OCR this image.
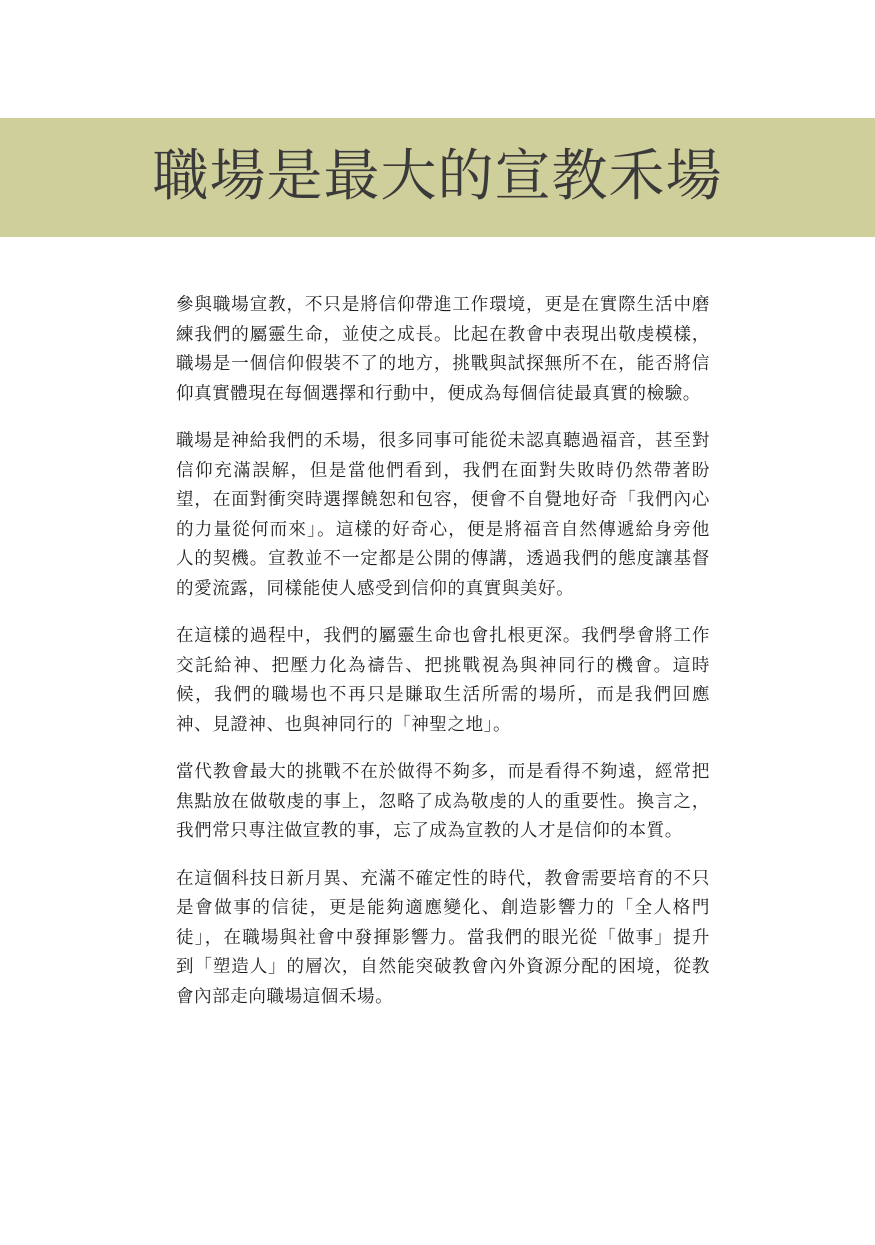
職場是最大的宣教禾場

參與職場宣教，不只是將信仰帶進工作環境，更是在實際生活中磨練我們的屬靈生命，並使之成長。比起在教會中表現出敬虔模樣，職場是一個信仰假裝不了的地方，挑戰與試探無所不在，能否將信仰真實體現在每個選擇和行動中，便成為每個信徒最真實的檢驗。

職場是神給我們的禾場，很多同事可能從未認真聽過福音，甚至對信仰充滿誤解，但是當他們看到，我們在面對失敗時仍然帶著盼望，在面對衝突時選擇饒恕和包容，便會不自覺地好奇「我們內心的力量從何而來」。這樣的好奇心，便是將福音自然傳遞給身旁他人的契機。宣教並不一定都是公開的傳講，透過我們的態度讓基督的愛流露，同樣能使人感受到信仰的真實與美好。

在這樣的過程中，我們的屬靈生命也會扎根更深。我們學會將工作交託給神、把壓力化為禱告、把挑戰視為與神同行的機會。這時候，我們的職場也不再只是賺取生活所需的場所，而是我們回應神、見證神、也與神同行的「神聖之地」。

當代教會最大的挑戰不在於做得不夠多，而是看得不夠遠，經常把焦點放在做敬虔的事上，忽略了成為敬虔的人的重要性。換言之，我們常只專注做宣教的事，忘了成為宣教的人才是信仰的本質。

在這個科技日新月異、充滿不確定性的時代，教會需要培育的不只是會做事的信徒，更是能夠適應變化、創造影響力的「全人格門徒」，在職場與社會中發揮影響力。當我們的眼光從「做事」提升到「塑造人」的層次，自然能突破教會內外資源分配的困境，從教會內部走向職場這個禾場。
